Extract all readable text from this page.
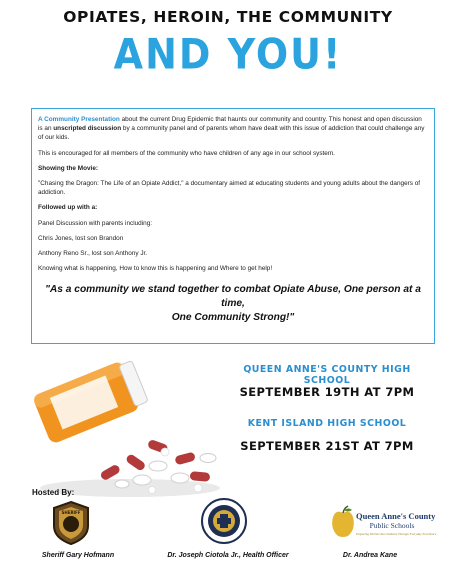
OPIATES, HEROIN, THE COMMUNITY
AND YOU!

A Community Presentation about the current Drug Epidemic that haunts our community and country. This honest and open discussion is an unscripted discussion by a community panel and of parents whom have dealt with this issue of addiction that could challenge any of our kids.

This is encouraged for all members of the community who have children of any age in our school system.

Showing the Movie:

"Chasing the Dragon: The Life of an Opiate Addict," a documentary aimed at educating students and young adults about the dangers of addiction.

Followed up with a:

Panel Discussion with parents including:

Chris Jones, lost son Brandon

Anthony Reno Sr., lost son Anthony Jr.

Knowing what is happening, How to know this is happening and Where to get help!

"As a community we stand together to combat Opiate Abuse, One person at a time,
One Community Strong!"
QUEEN ANNE'S COUNTY HIGH SCHOOL
SEPTEMBER 19TH AT 7PM
KENT ISLAND HIGH SCHOOL
SEPTEMBER 21ST AT 7PM
Hosted By:
SHERIFF	Queen Anne's County
Public Schools
Preparing World-Class Students Through Everyday Excellence
Sheriff Gary Hofmann	Dr. Joseph Ciotola Jr., Health Officer	Dr. Andrea Kane
